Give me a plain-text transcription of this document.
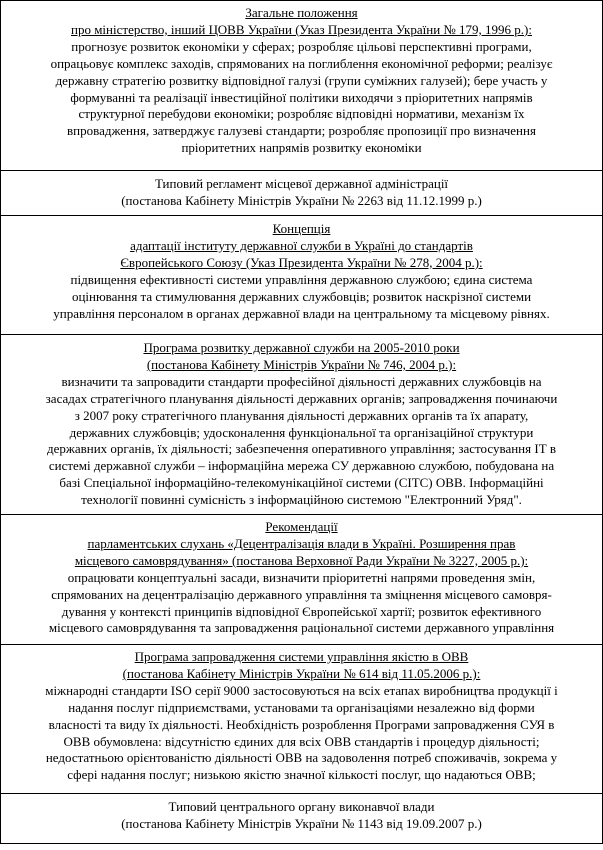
Загальне положення
про міністерство, інший ЦОВВ України (Указ Президента України № 179, 1996 р.):
прогнозує розвиток економіки у сферах; розробляє цільові перспективні програми,
опрацьовує комплекс заходів, спрямованих на поглиблення економічної реформи; реалізує
державну стратегію розвитку відповідної галузі (групи суміжних галузей); бере участь у
формуванні та реалізації інвестиційної політики виходячи з пріоритетних напрямів
структурної перебудови економіки; розробляє відповідні нормативи, механізм їх
впровадження, затверджує галузеві стандарти; розробляє пропозиції про визначення
пріоритетних напрямів розвитку економіки
Типовий регламент місцевої державної адміністрації
(постанова Кабінету Міністрів України № 2263 від 11.12.1999 р.)
Концепція
адаптації інституту державної служби в Україні до стандартів
Європейського Союзу (Указ Президента України № 278, 2004 р.):
підвищення ефективності системи управління державною службою; єдина система
оцінювання та стимулювання державних службовців; розвиток наскрізної системи
управління персоналом в органах державної влади на центральному та місцевому рівнях.
Програма розвитку державної служби на 2005-2010 роки
(постанова Кабінету Міністрів України № 746, 2004 р.):
визначити та запровадити стандарти професійної діяльності державних службовців на
засадах стратегічного планування діяльності державних органів; запровадження починаючи
з 2007 року стратегічного планування діяльності державних органів та їх апарату,
державних службовців; удосконалення функціональної та організаційної структури
державних органів, їх діяльності; забезпечення оперативного управління; застосування ІТ в
системі державної служби – інформаційна мережа СУ державною службою, побудована на
базі Спеціальної інформаційно-телекомунікаційної системи (СІТС) ОВВ. Інформаційні
технології повинні сумісність з інформаційною системою "Електронний Уряд".
Рекомендації
парламентських слухань «Децентралізація влади в Україні. Розширення прав
місцевого самоврядування» (постанова Верховної Ради України № 3227, 2005 р.):
опрацювати концептуальні засади, визначити пріоритетні напрями проведення змін,
спрямованих на децентралізацію державного управління та зміцнення місцевого самовря-
дування у контексті принципів відповідної Європейської хартії; розвиток ефективного
місцевого самоврядування та запровадження раціональної системи державного управління
Програма запровадження системи управління якістю в ОВВ
(постанова Кабінету Міністрів України № 614 від 11.05.2006 р.):
міжнародні стандарти ISO серії 9000 застосовуються на всіх етапах виробництва продукції і
надання послуг підприємствами, установами та організаціями незалежно від форми
власності та виду їх діяльності. Необхідність розроблення Програми запровадження СУЯ в
ОВВ обумовлена: відсутністю єдиних для всіх ОВВ стандартів і процедур діяльності;
недостатньою орієнтованістю діяльності ОВВ на задоволення потреб споживачів, зокрема у
сфері надання послуг; низькою якістю значної кількості послуг, що надаються ОВВ;
Типовий центрального органу виконавчої влади
(постанова Кабінету Міністрів України № 1143 від 19.09.2007 р.)
